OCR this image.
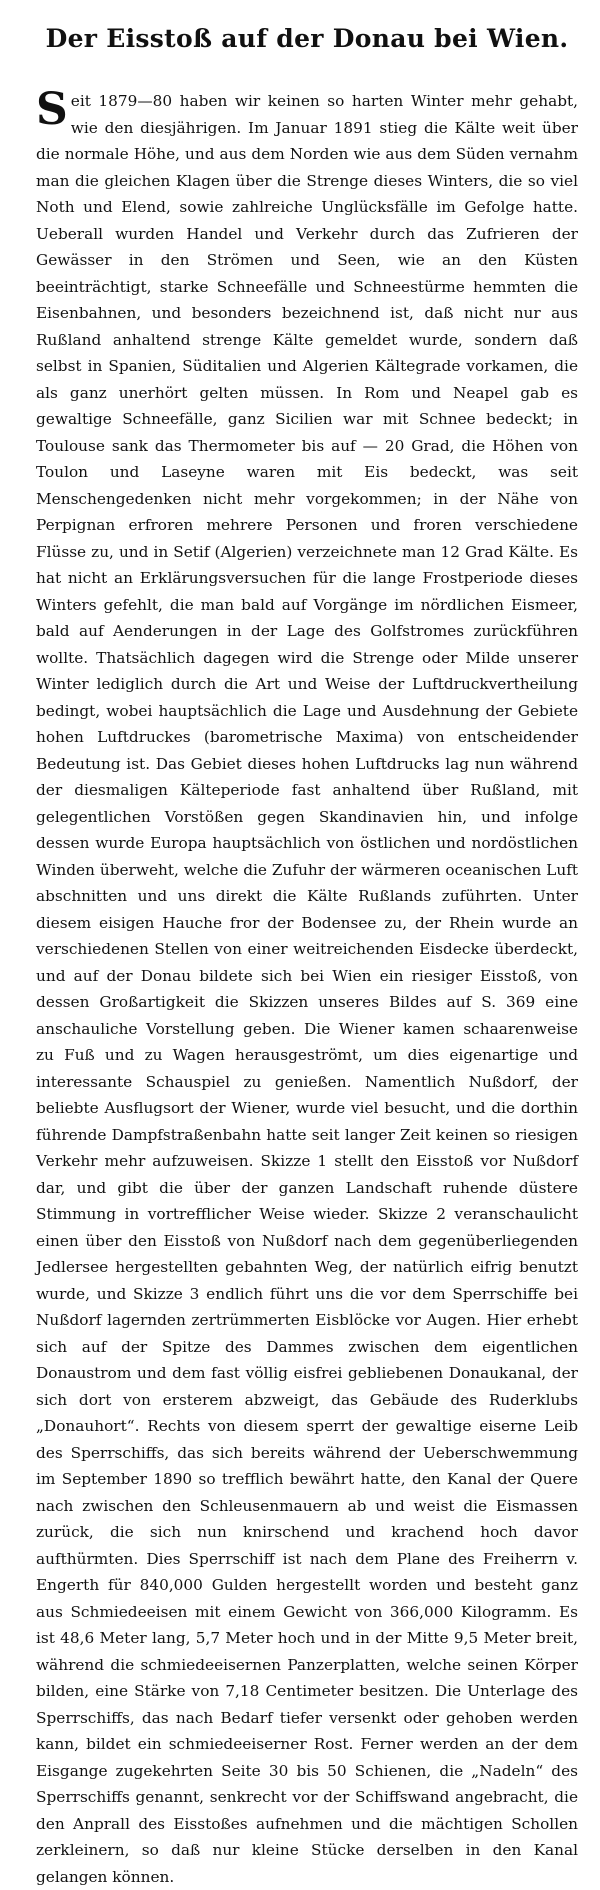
Der Eisstoß auf der Donau bei Wien.

Seit 1879—80 haben wir keinen so harten Winter mehr gehabt, wie den diesjährigen. Im Januar 1891 stieg die Kälte weit über die normale Höhe, und aus dem Norden wie aus dem Süden vernahm man die gleichen Klagen über die Strenge dieses Winters, die so viel Noth und Elend, sowie zahlreiche Unglücksfälle im Gefolge hatte. Ueberall wurden Handel und Verkehr durch das Zufrieren der Gewässer in den Strömen und Seen, wie an den Küsten beeinträchtigt, starke Schneefälle und Schneestürme hemmten die Eisenbahnen, und besonders bezeichnend ist, daß nicht nur aus Rußland anhaltend strenge Kälte gemeldet wurde, sondern daß selbst in Spanien, Süditalien und Algerien Kältegrade vorkamen, die als ganz unerhört gelten müssen. In Rom und Neapel gab es gewaltige Schneefälle, ganz Sicilien war mit Schnee bedeckt; in Toulouse sank das Thermometer bis auf — 20 Grad, die Höhen von Toulon und Laseyne waren mit Eis bedeckt, was seit Menschengedenken nicht mehr vorgekommen; in der Nähe von Perpignan erfroren mehrere Personen und froren verschiedene Flüsse zu, und in Setif (Algerien) verzeichnete man 12 Grad Kälte. Es hat nicht an Erklärungsversuchen für die lange Frostperiode dieses Winters gefehlt, die man bald auf Vorgänge im nördlichen Eismeer, bald auf Aenderungen in der Lage des Golfstromes zurückführen wollte. Thatsächlich dagegen wird die Strenge oder Milde unserer Winter lediglich durch die Art und Weise der Luftdruckvertheilung bedingt, wobei hauptsächlich die Lage und Ausdehnung der Gebiete hohen Luftdruckes (barometrische Maxima) von entscheidender Bedeutung ist. Das Gebiet dieses hohen Luftdrucks lag nun während der diesmaligen Kälteperiode fast anhaltend über Rußland, mit gelegentlichen Vorstößen gegen Skandinavien hin, und infolge dessen wurde Europa hauptsächlich von östlichen und nordöstlichen Winden überweht, welche die Zufuhr der wärmeren oceanischen Luft abschnitten und uns direkt die Kälte Rußlands zuführten. Unter diesem eisigen Hauche fror der Bodensee zu, der Rhein wurde an verschiedenen Stellen von einer weitreichenden Eisdecke überdeckt, und auf der Donau bildete sich bei Wien ein riesiger Eisstoß, von dessen Großartigkeit die Skizzen unseres Bildes auf S. 369 eine anschauliche Vorstellung geben. Die Wiener kamen schaarenweise zu Fuß und zu Wagen herausgeströmt, um dies eigenartige und interessante Schauspiel zu genießen. Namentlich Nußdorf, der beliebte Ausflugsort der Wiener, wurde viel besucht, und die dorthin führende Dampfstraßenbahn hatte seit langer Zeit keinen so riesigen Verkehr mehr aufzuweisen. Skizze 1 stellt den Eisstoß vor Nußdorf dar, und gibt die über der ganzen Landschaft ruhende düstere Stimmung in vortrefflicher Weise wieder. Skizze 2 veranschaulicht einen über den Eisstoß von Nußdorf nach dem gegenüberliegenden Jedlersee hergestellten gebahnten Weg, der natürlich eifrig benutzt wurde, und Skizze 3 endlich führt uns die vor dem Sperrschiffe bei Nußdorf lagernden zertrümmerten Eisblöcke vor Augen. Hier erhebt sich auf der Spitze des Dammes zwischen dem eigentlichen Donaustrom und dem fast völlig eisfrei gebliebenen Donaukanal, der sich dort von ersterem abzweigt, das Gebäude des Ruderklubs „Donauhort“. Rechts von diesem sperrt der gewaltige eiserne Leib des Sperrschiffs, das sich bereits während der Ueberschwemmung im September 1890 so trefflich bewährt hatte, den Kanal der Quere nach zwischen den Schleusenmauern ab und weist die Eismassen zurück, die sich nun knirschend und krachend hoch davor aufthürmten. Dies Sperrschiff ist nach dem Plane des Freiherrn v. Engerth für 840,000 Gulden hergestellt worden und besteht ganz aus Schmiedeeisen mit einem Gewicht von 366,000 Kilogramm. Es ist 48,6 Meter lang, 5,7 Meter hoch und in der Mitte 9,5 Meter breit, während die schmiedeeisernen Panzerplatten, welche seinen Körper bilden, eine Stärke von 7,18 Centimeter besitzen. Die Unterlage des Sperrschiffs, das nach Bedarf tiefer versenkt oder gehoben werden kann, bildet ein schmiedeeiserner Rost. Ferner werden an der dem Eisgange zugekehrten Seite 30 bis 50 Schienen, die „Nadeln“ des Sperrschiffs genannt, senkrecht vor der Schiffswand angebracht, die den Anprall des Eisstoßes aufnehmen und die mächtigen Schollen zerkleinern, so daß nur kleine Stücke derselben in den Kanal gelangen können.
